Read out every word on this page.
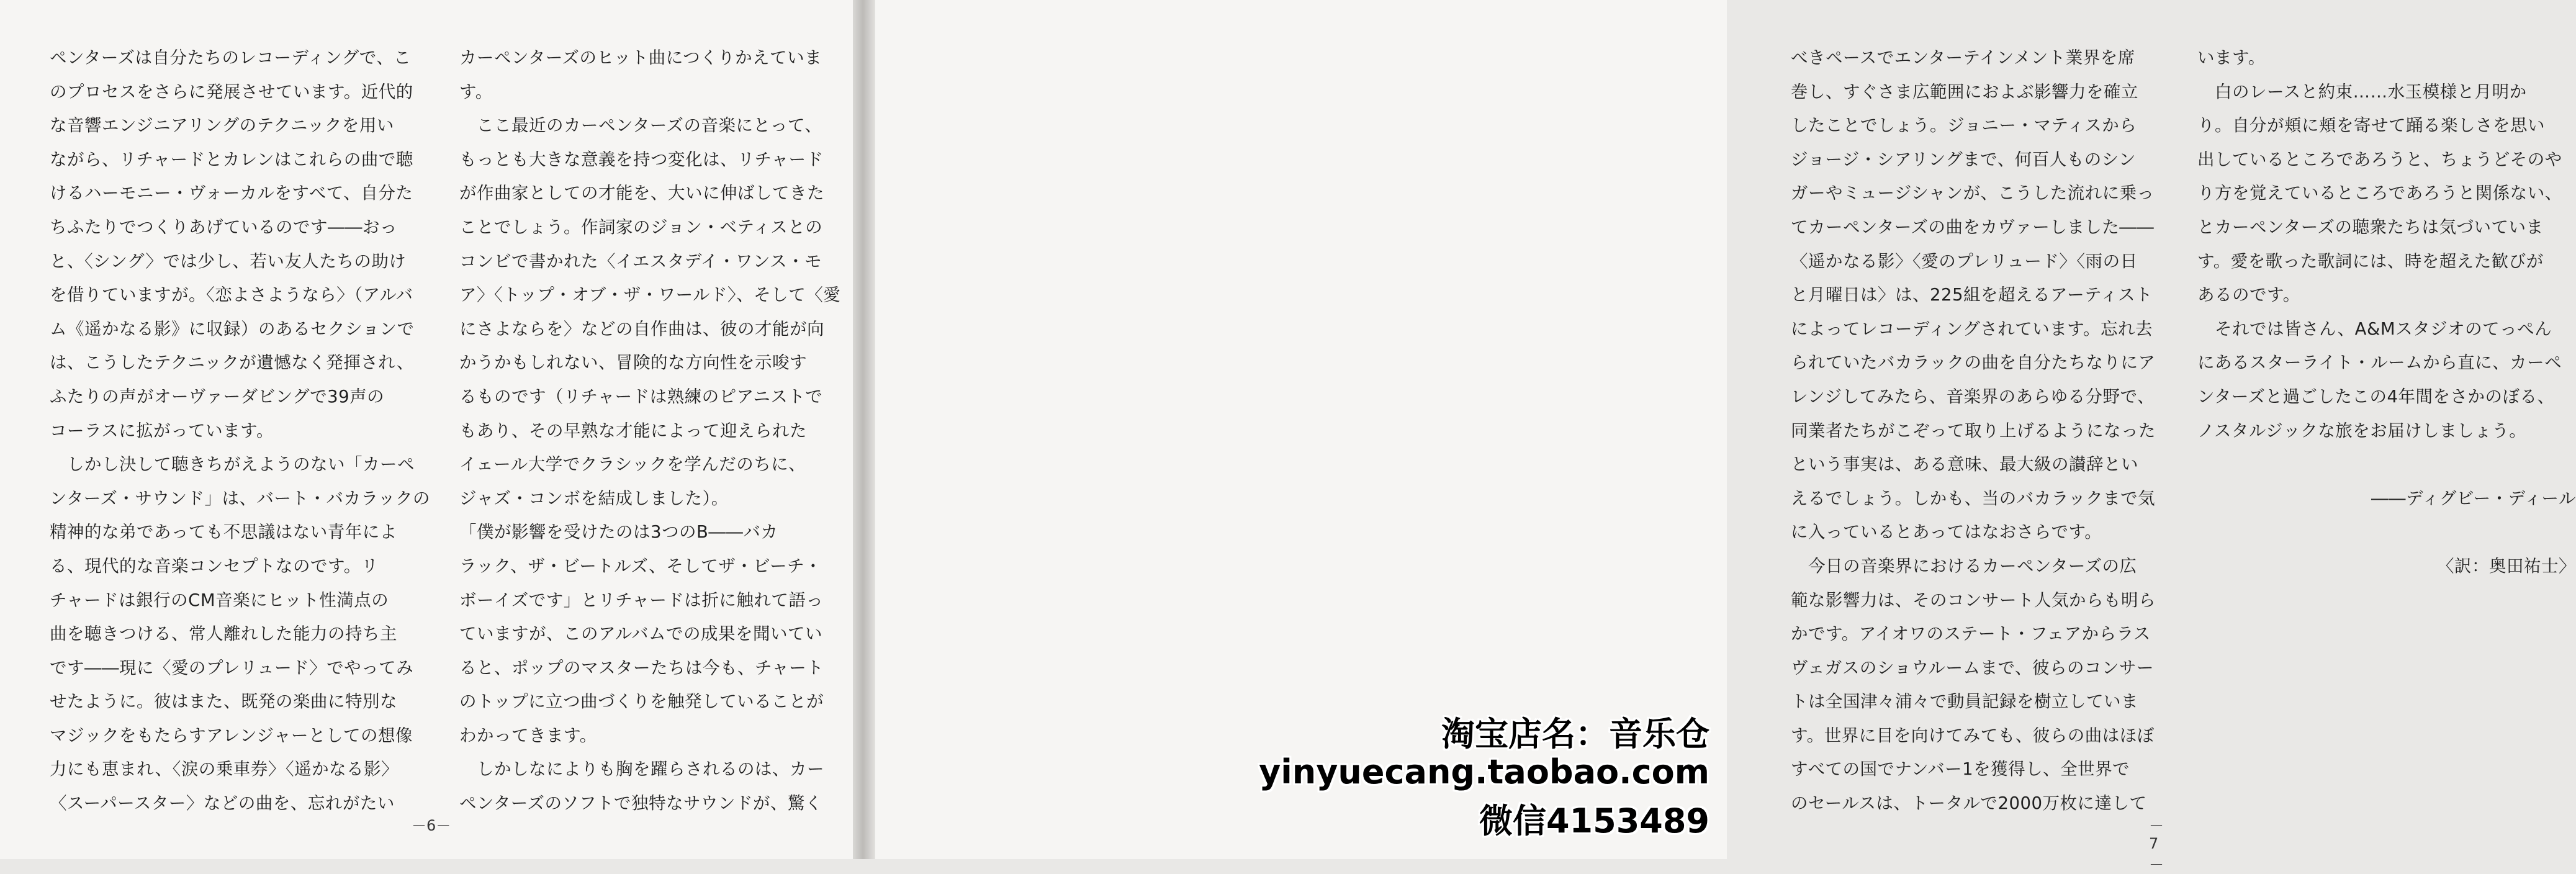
ペンターズは自分たちのレコーディングで、こ

のプロセスをさらに発展させています。近代的

な音響エンジニアリングのテクニックを用い

ながら、リチャードとカレンはこれらの曲で聴

けるハーモニー・ヴォーカルをすべて、自分た

ちふたりでつくりあげているのです――おっ

と、〈シング〉では少し、若い友人たちの助け

を借りていますが。〈恋よさようなら〉（アルバ

ム《遥かなる影》に収録）のあるセクションで

は、こうしたテクニックが遺憾なく発揮され、

ふたりの声がオーヴァーダビングで39声の

コーラスに拡がっています。

　しかし決して聴きちがえようのない「カーペ

ンターズ・サウンド」は、バート・バカラックの

精神的な弟であっても不思議はない青年によ

る、現代的な音楽コンセプトなのです。リ

チャードは銀行のCM音楽にヒット性満点の

曲を聴きつける、常人離れした能力の持ち主

です――現に〈愛のプレリュード〉でやってみ

せたように。彼はまた、既発の楽曲に特別な

マジックをもたらすアレンジャーとしての想像

力にも恵まれ、〈涙の乗車券〉〈遥かなる影〉

〈スーパースター〉などの曲を、忘れがたい

カーペンターズのヒット曲につくりかえていま

す。

　ここ最近のカーペンターズの音楽にとって、

もっとも大きな意義を持つ変化は、リチャード

が作曲家としての才能を、大いに伸ばしてきた

ことでしょう。作詞家のジョン・ベティスとの

コンビで書かれた〈イエスタデイ・ワンス・モ

ア〉〈トップ・オブ・ザ・ワールド〉、そして〈愛

にさよならを〉などの自作曲は、彼の才能が向

かうかもしれない、冒険的な方向性を示唆す

るものです（リチャードは熟練のピアニストで

もあり、その早熟な才能によって迎えられた

イェール大学でクラシックを学んだのちに、

ジャズ・コンボを結成しました）。

「僕が影響を受けたのは3つのB――バカ

ラック、ザ・ビートルズ、そしてザ・ビーチ・

ボーイズです」とリチャードは折に触れて語っ

ていますが、このアルバムでの成果を聞いてい

ると、ポップのマスターたちは今も、チャート

のトップに立つ曲づくりを触発していることが

わかってきます。

　しかしなによりも胸を躍らされるのは、カー

ペンターズのソフトで独特なサウンドが、驚く

－6－

べきペースでエンターテインメント業界を席

巻し、すぐさま広範囲におよぶ影響力を確立

したことでしょう。ジョニー・マティスから

ジョージ・シアリングまで、何百人ものシン

ガーやミュージシャンが、こうした流れに乗っ

てカーペンターズの曲をカヴァーしました――

〈遥かなる影〉〈愛のプレリュード〉〈雨の日

と月曜日は〉は、225組を超えるアーティスト

によってレコーディングされています。忘れ去

られていたバカラックの曲を自分たちなりにア

レンジしてみたら、音楽界のあらゆる分野で、

同業者たちがこぞって取り上げるようになった

という事実は、ある意味、最大級の讃辞とい

えるでしょう。しかも、当のバカラックまで気

に入っているとあってはなおさらです。

　今日の音楽界におけるカーペンターズの広

範な影響力は、そのコンサート人気からも明ら

かです。アイオワのステート・フェアからラス

ヴェガスのショウルームまで、彼らのコンサー

トは全国津々浦々で動員記録を樹立していま

す。世界に目を向けてみても、彼らの曲はほぼ

すべての国でナンバー1を獲得し、全世界で

のセールスは、トータルで2000万枚に達して

います。

　白のレースと約束……水玉模様と月明か

り。自分が頬に頬を寄せて踊る楽しさを思い

出しているところであろうと、ちょうどそのや

り方を覚えているところであろうと関係ない、

とカーペンターズの聴衆たちは気づいていま

す。愛を歌った歌詞には、時を超えた歓びが

あるのです。

　それでは皆さん、A&Mスタジオのてっぺん

にあるスターライト・ルームから直に、カーペ

ンターズと過ごしたこの4年間をさかのぼる、

ノスタルジックな旅をお届けしましょう。

――ディグビー・ディール

〈訳：奥田祐士〉

－7－
淘宝店名：音乐仓
yinyuecang.taobao.com
微信4153489
